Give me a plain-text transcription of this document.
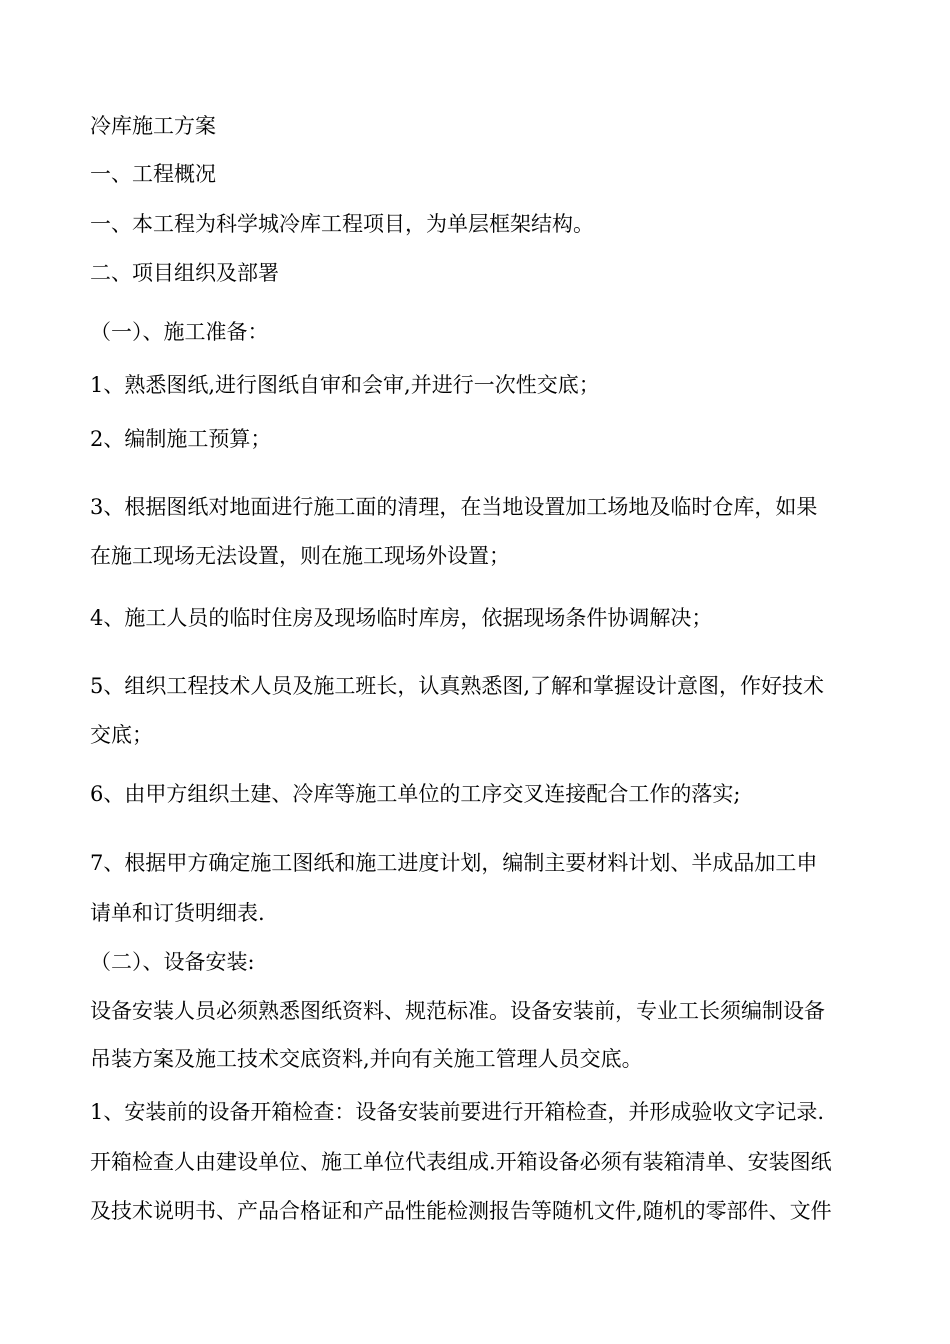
冷库施工方案
一、工程概况
一、本工程为科学城冷库工程项目，为单层框架结构。
二、项目组织及部署
（一）、施工准备：
1、熟悉图纸,进行图纸自审和会审,并进行一次性交底；
2、编制施工预算；
3、根据图纸对地面进行施工面的清理，在当地设置加工场地及临时仓库，如果
在施工现场无法设置，则在施工现场外设置；
4、施工人员的临时住房及现场临时库房，依据现场条件协调解决；
5、组织工程技术人员及施工班长，认真熟悉图,了解和掌握设计意图，作好技术
交底；
6、由甲方组织土建、冷库等施工单位的工序交叉连接配合工作的落实;
7、根据甲方确定施工图纸和施工进度计划，编制主要材料计划、半成品加工申
请单和订货明细表.
（二）、设备安装:
设备安装人员必须熟悉图纸资料、规范标准。设备安装前，专业工长须编制设备
吊装方案及施工技术交底资料,并向有关施工管理人员交底。
1、安装前的设备开箱检查：设备安装前要进行开箱检查，并形成验收文字记录.
开箱检查人由建设单位、施工单位代表组成.开箱设备必须有装箱清单、安装图纸
及技术说明书、产品合格证和产品性能检测报告等随机文件,随机的零部件、文件
